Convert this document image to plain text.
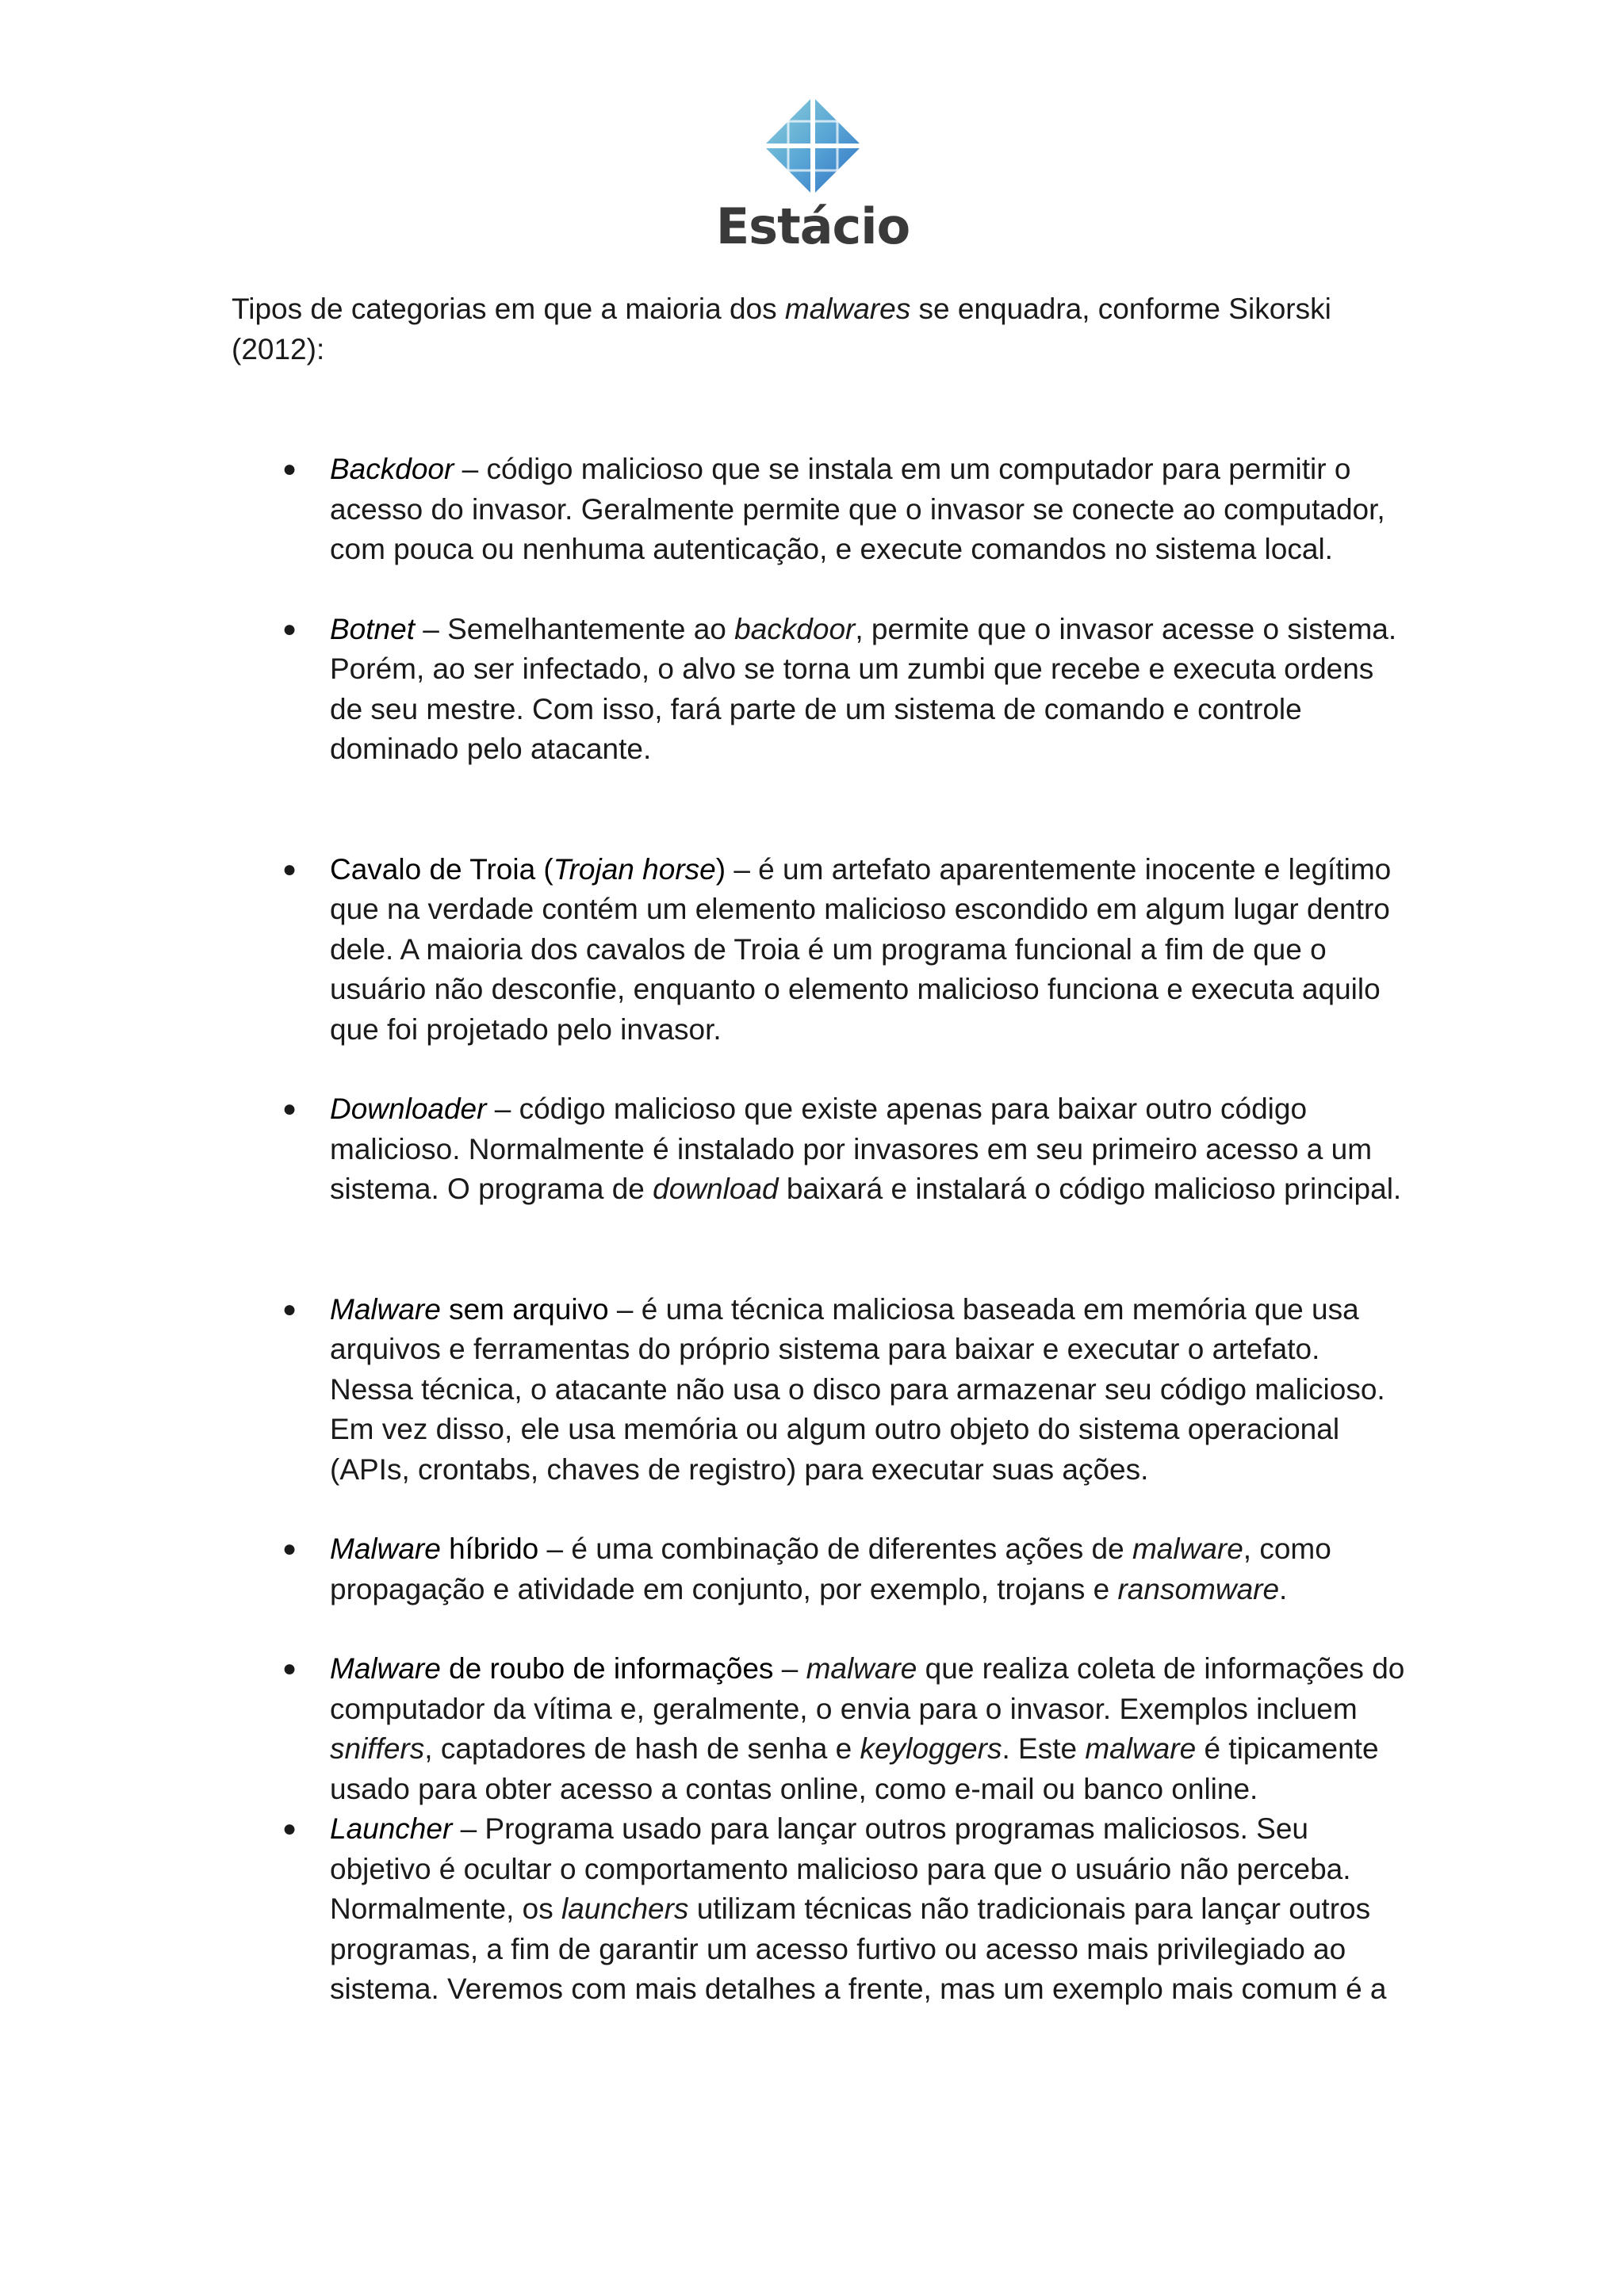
Estácio

Tipos de categorias em que a maioria dos malwares se enquadra, conforme Sikorski (2012):

● Backdoor – código malicioso que se instala em um computador para permitir o acesso do invasor. Geralmente permite que o invasor se conecte ao computador, com pouca ou nenhuma autenticação, e execute comandos no sistema local.
● Botnet – Semelhantemente ao backdoor, permite que o invasor acesse o sistema. Porém, ao ser infectado, o alvo se torna um zumbi que recebe e executa ordens de seu mestre. Com isso, fará parte de um sistema de comando e controle dominado pelo atacante.
● Cavalo de Troia (Trojan horse) – é um artefato aparentemente inocente e legítimo que na verdade contém um elemento malicioso escondido em algum lugar dentro dele. A maioria dos cavalos de Troia é um programa funcional a fim de que o usuário não desconfie, enquanto o elemento malicioso funciona e executa aquilo que foi projetado pelo invasor.
● Downloader – código malicioso que existe apenas para baixar outro código malicioso. Normalmente é instalado por invasores em seu primeiro acesso a um sistema. O programa de download baixará e instalará o código malicioso principal.
● Malware sem arquivo – é uma técnica maliciosa baseada em memória que usa arquivos e ferramentas do próprio sistema para baixar e executar o artefato. Nessa técnica, o atacante não usa o disco para armazenar seu código malicioso. Em vez disso, ele usa memória ou algum outro objeto do sistema operacional (APIs, crontabs, chaves de registro) para executar suas ações.
● Malware híbrido – é uma combinação de diferentes ações de malware, como propagação e atividade em conjunto, por exemplo, trojans e ransomware.
● Malware de roubo de informações – malware que realiza coleta de informações do computador da vítima e, geralmente, o envia para o invasor. Exemplos incluem sniffers, captadores de hash de senha e keyloggers. Este malware é tipicamente usado para obter acesso a contas online, como e-mail ou banco online.
● Launcher – Programa usado para lançar outros programas maliciosos. Seu objetivo é ocultar o comportamento malicioso para que o usuário não perceba. Normalmente, os launchers utilizam técnicas não tradicionais para lançar outros programas, a fim de garantir um acesso furtivo ou acesso mais privilegiado ao sistema. Veremos com mais detalhes a frente, mas um exemplo mais comum é a
